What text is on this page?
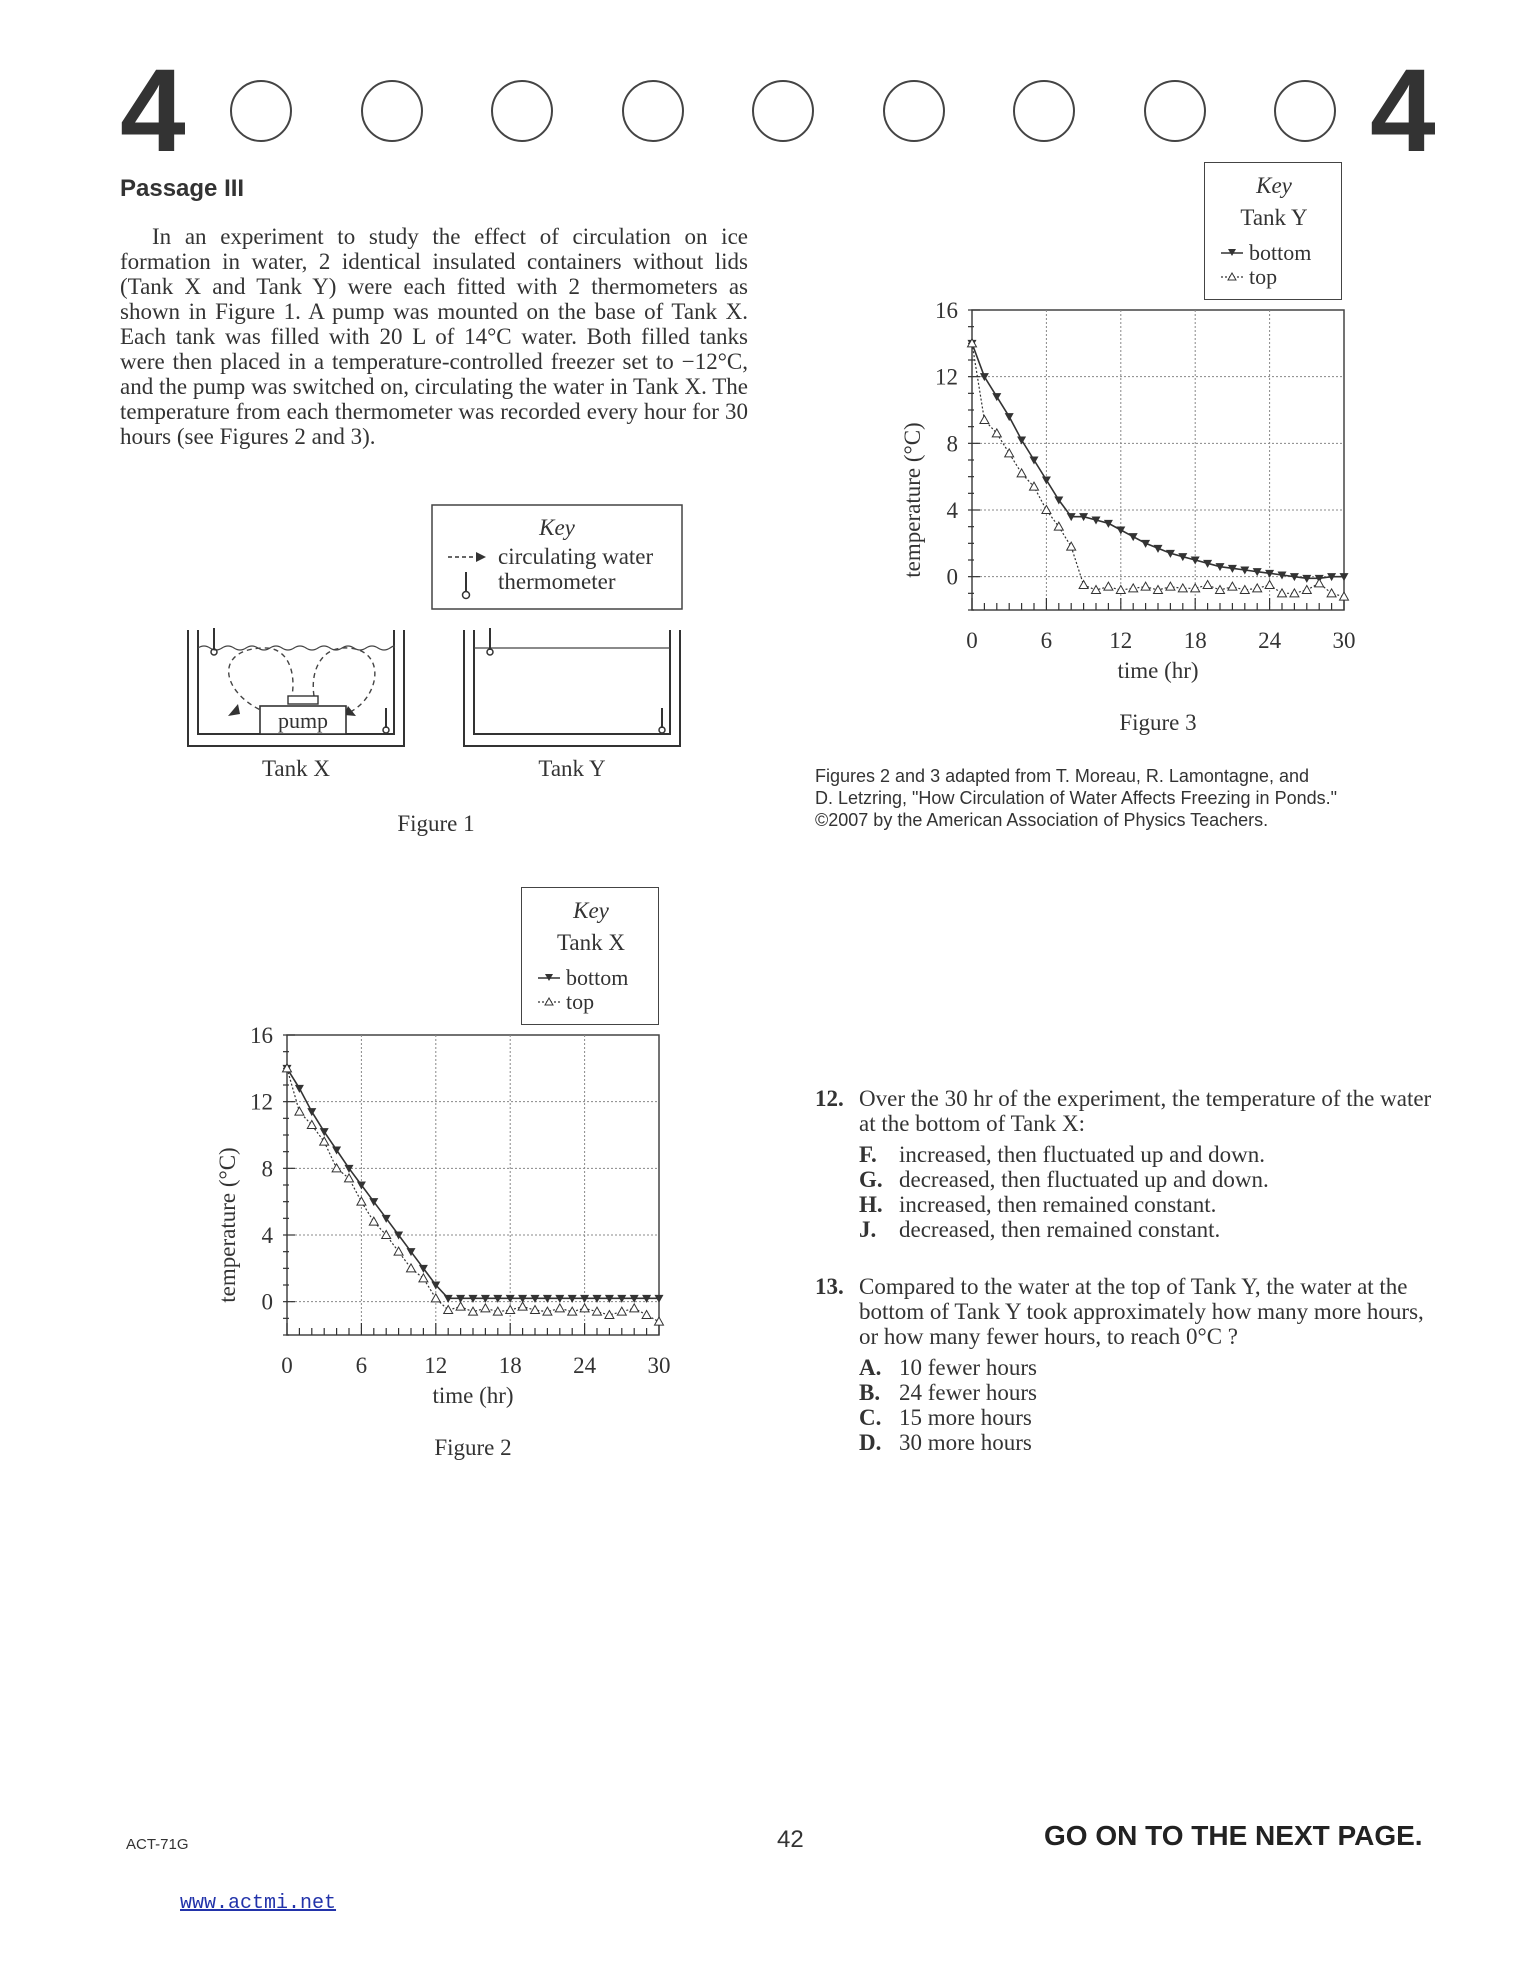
4	4
Passage III

In an experiment to study the effect of circulation on ice formation in water, 2 identical insulated containers without lids (Tank X and Tank Y) were each fitted with 2 thermometers as shown in Figure 1. A pump was mounted on the base of Tank X. Each tank was filled with 20 L of 14°C water. Both filled tanks were then placed in a temperature-controlled freezer set to −12°C, and the pump was switched on, circulating the water in Tank X. The temperature from each thermometer was recorded every hour for 30 hours (see Figures 2 and 3).

Key
circulating water
thermometer
pump
Tank X	Tank Y
Figure 1
Key
Tank Y
bottom
top
0	6 12 18 24 30
0
4
8
12
16
time (hr)
temperature (°C)
Figure 3
Key
Tank X
bottom
top
0	6 12 18 24 30
0
4
8
12
16
time (hr)
temperature (°C)
Figure 2
Figures 2 and 3 adapted from T. Moreau, R. Lamontagne, and
D. Letzring, "How Circulation of Water Affects Freezing in Ponds."
©2007 by the American Association of Physics Teachers.
12. Over the 30 hr of the experiment, the temperature of the water at the bottom of Tank X:
F. increased, then fluctuated up and down.
G. decreased, then fluctuated up and down.
H. increased, then remained constant.
J. decreased, then remained constant.
13. Compared to the water at the top of Tank Y, the water at the bottom of Tank Y took approximately how many more hours, or how many fewer hours, to reach 0°C ?
A. 10 fewer hours
B. 24 fewer hours
C. 15 more hours
D. 30 more hours
ACT-71G	42	GO ON TO THE NEXT PAGE.
www.actmi.net
